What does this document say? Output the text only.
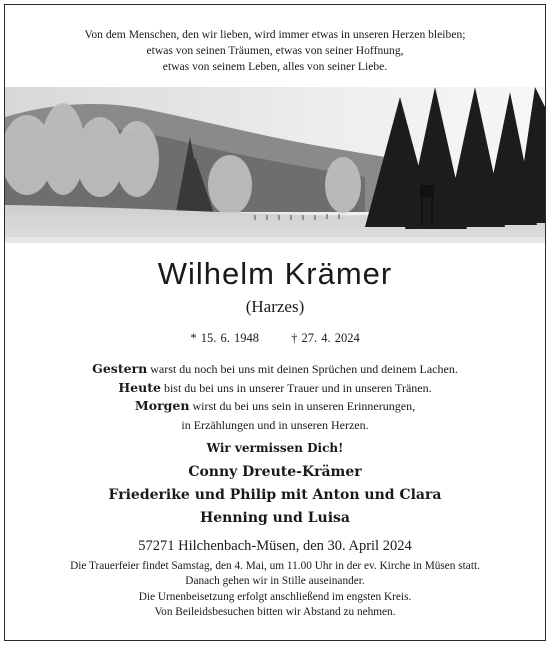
Von dem Menschen, den wir lieben, wird immer etwas in unseren Herzen bleiben;
etwas von seinen Träumen, etwas von seiner Hoffnung,
etwas von seinem Leben, alles von seiner Liebe.
Wilhelm Krämer
(Harzes)
* 15. 6. 1948	† 27. 4. 2024
Gestern warst du noch bei uns mit deinen Sprüchen und deinem Lachen.
Heute bist du bei uns in unserer Trauer und in unseren Tränen.
Morgen wirst du bei uns sein in unseren Erinnerungen,
in Erzählungen und in unseren Herzen.
Wir vermissen Dich!
Conny Dreute-Krämer
Friederike und Philip mit Anton und Clara
Henning und Luisa
57271 Hilchenbach-Müsen, den 30. April 2024
Die Trauerfeier findet Samstag, den 4. Mai, um 11.00 Uhr in der ev. Kirche in Müsen statt.
Danach gehen wir in Stille auseinander.
Die Urnenbeisetzung erfolgt anschließend im engsten Kreis.
Von Beileidsbesuchen bitten wir Abstand zu nehmen.
